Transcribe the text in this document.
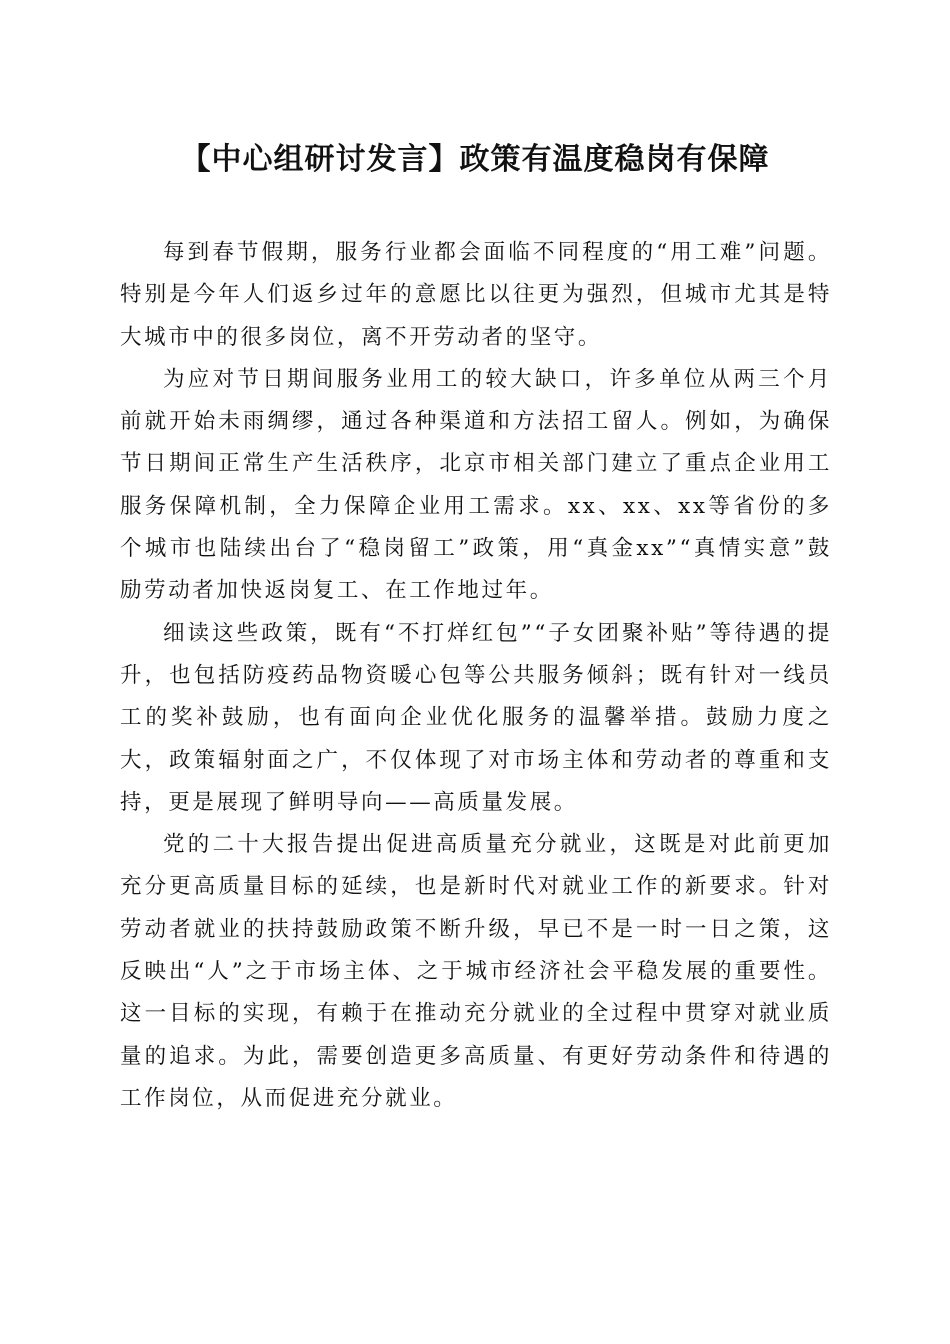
【中心组研讨发言】政策有温度稳岗有保障

每到春节假期，服务行业都会面临不同程度的“用工难”问题。特别是今年人们返乡过年的意愿比以往更为强烈，但城市尤其是特大城市中的很多岗位，离不开劳动者的坚守。

为应对节日期间服务业用工的较大缺口，许多单位从两三个月前就开始未雨绸缪，通过各种渠道和方法招工留人。例如，为确保节日期间正常生产生活秩序，北京市相关部门建立了重点企业用工服务保障机制，全力保障企业用工需求。xx、xx、xx等省份的多个城市也陆续出台了“稳岗留工”政策，用“真金xx”“真情实意”鼓励劳动者加快返岗复工、在工作地过年。

细读这些政策，既有“不打烊红包”“子女团聚补贴”等待遇的提升，也包括防疫药品物资暖心包等公共服务倾斜；既有针对一线员工的奖补鼓励，也有面向企业优化服务的温馨举措。鼓励力度之大，政策辐射面之广，不仅体现了对市场主体和劳动者的尊重和支持，更是展现了鲜明导向——高质量发展。

党的二十大报告提出促进高质量充分就业，这既是对此前更加充分更高质量目标的延续，也是新时代对就业工作的新要求。针对劳动者就业的扶持鼓励政策不断升级，早已不是一时一日之策，这反映出“人”之于市场主体、之于城市经济社会平稳发展的重要性。这一目标的实现，有赖于在推动充分就业的全过程中贯穿对就业质量的追求。为此，需要创造更多高质量、有更好劳动条件和待遇的工作岗位，从而促进充分就业。
